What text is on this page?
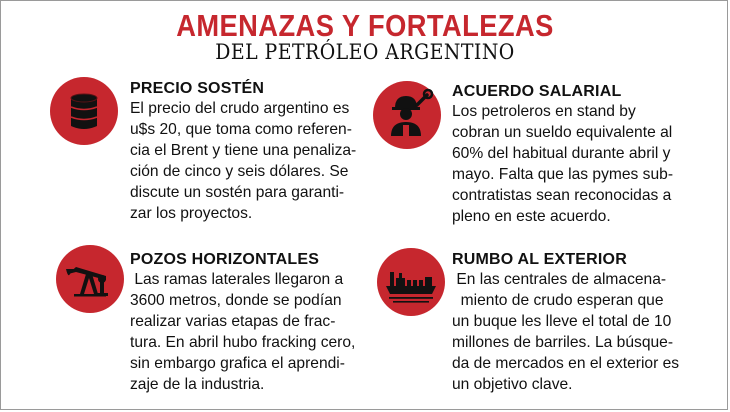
AMENAZAS Y FORTALEZAS
DEL PETRÓLEO ARGENTINO
PRECIO SOSTÉN
El precio del crudo argentino es
u$s 20, que toma como referen-
cia el Brent y tiene una penaliza-
ción de cinco y seis dólares. Se
discute un sostén para garanti-
zar los proyectos.
ACUERDO SALARIAL
Los petroleros en stand by
cobran un sueldo equivalente al
60% del habitual durante abril y
mayo. Falta que las pymes sub-
contratistas sean reconocidas a
pleno en este acuerdo.
POZOS HORIZONTALES
Las ramas laterales llegaron a
3600 metros, donde se podían
realizar varias etapas de frac-
tura. En abril hubo fracking cero,
sin embargo grafica el aprendi-
zaje de la industria.
RUMBO AL EXTERIOR
En las centrales de almacena-
miento de crudo esperan que
un buque les lleve el total de 10
millones de barriles. La búsque-
da de mercados en el exterior es
un objetivo clave.
